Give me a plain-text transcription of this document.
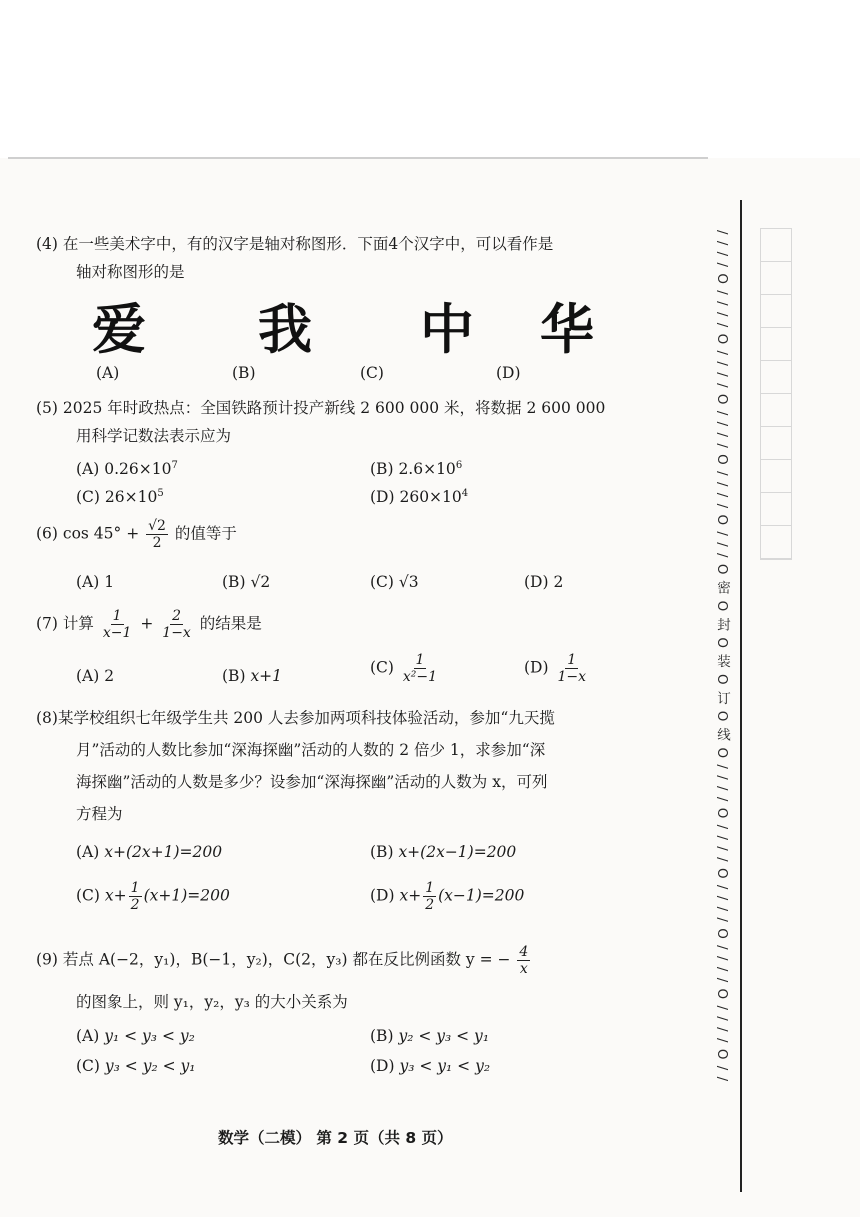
/ / / / O / / / / O / / / / O / / / / O / / / / O / / / O 密 O 封 O 装 O 订 O 线 O / / / / O / / / / O / / / / O / / / / O / / / / O / /
(4) 在一些美术字中，有的汉字是轴对称图形．下面4个汉字中，可以看作是
轴对称图形的是
爱 我 中 华
(A)	(B)	(C)	(D)
(5) 2025 年时政热点：全国铁路预计投产新线 2 600 000 米，将数据 2 600 000
用科学记数法表示应为
(A) $0.26\times 10^7$	(B) $2.6\times 10^6$
(C) $26\times 10^5$	(D) $260\times 10^4$
(6) $\cos 45^\circ + \frac{√2}{2}$ 的值等于
(A) 1	(B) √2	(C) √3	(D) 2
(7) 计算 $\frac{1}{x-1} + \frac{2}{1-x}$ 的结果是
(A) 2	(B) x+1	$(C) \frac{1}{\text{x²−1}}$	$(D) \frac{1}{1-x}$
(8)某学校组织七年级学生共 200 人去参加两项科技体验活动，参加“九天揽
月”活动的人数比参加“深海探幽”活动的人数的 2 倍少 1，求参加“深
海探幽”活动的人数是多少？设参加“深海探幽”活动的人数为 x，可列
方程为
(A) x+(2x+1)=200	(B) x+(2x−1)=200
(C) $x+ \frac{1}{2} (x+1)=200$	(D) $x+ \frac{1}{2} (x-1)=200$
(9) 若点 A(−2，y₁)，B(−1，y₂)，C(2，y₃) 都在反比例函数 y = − $\frac{4}{x}$
的图象上，则 y₁，y₂，y₃ 的大小关系为
(A) y₁ < y₃ < y₂	(B) y₂ < y₃ < y₁
(C) y₃ < y₂ < y₁	(D) y₃ < y₁ < y₂
数学（二模） 第 2 页（共 8 页）
